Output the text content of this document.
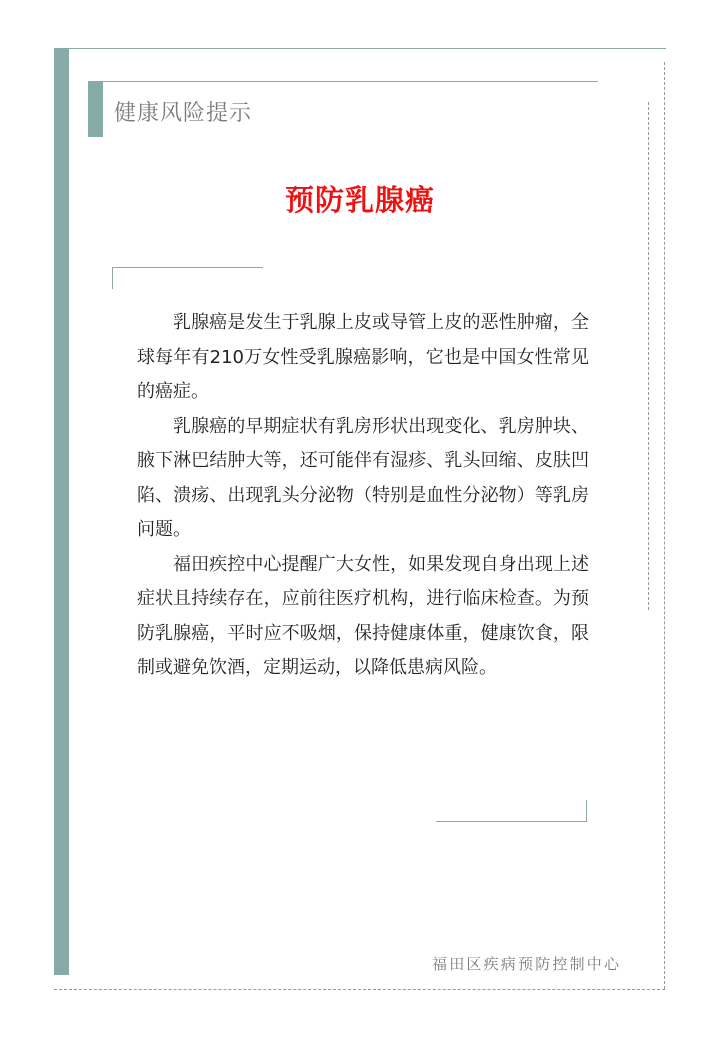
健康风险提示
预防乳腺癌

乳腺癌是发生于乳腺上皮或导管上皮的恶性肿瘤，全球每年有210万女性受乳腺癌影响，它也是中国女性常见的癌症。

乳腺癌的早期症状有乳房形状出现变化、乳房肿块、腋下淋巴结肿大等，还可能伴有湿疹、乳头回缩、皮肤凹陷、溃疡、出现乳头分泌物（特别是血性分泌物）等乳房问题。

福田疾控中心提醒广大女性，如果发现自身出现上述症状且持续存在，应前往医疗机构，进行临床检查。为预防乳腺癌，平时应不吸烟，保持健康体重，健康饮食，限制或避免饮酒，定期运动，以降低患病风险。

福田区疾病预防控制中心
